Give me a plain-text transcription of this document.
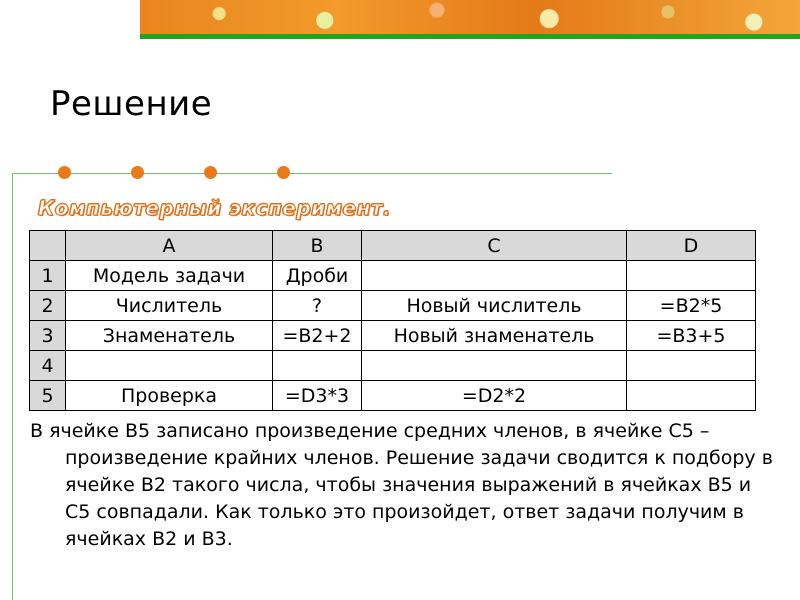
Решение
Компьютерный эксперимент.
	A	B	C	D
1	Модель задачи	Дроби		
2	Числитель	?	Новый числитель	=B2*5
3	Знаменатель	=B2+2	Новый знаменатель	=B3+5
4				
5	Проверка	=D3*3	=D2*2	
В ячейке В5 записано произведение средних членов, в ячейке С5 – произведение крайних членов. Решение задачи сводится к подбору в ячейке В2 такого числа, чтобы значения выражений в ячейках В5 и С5 совпадали. Как только это произойдет, ответ задачи получим в ячейках В2 и В3.
